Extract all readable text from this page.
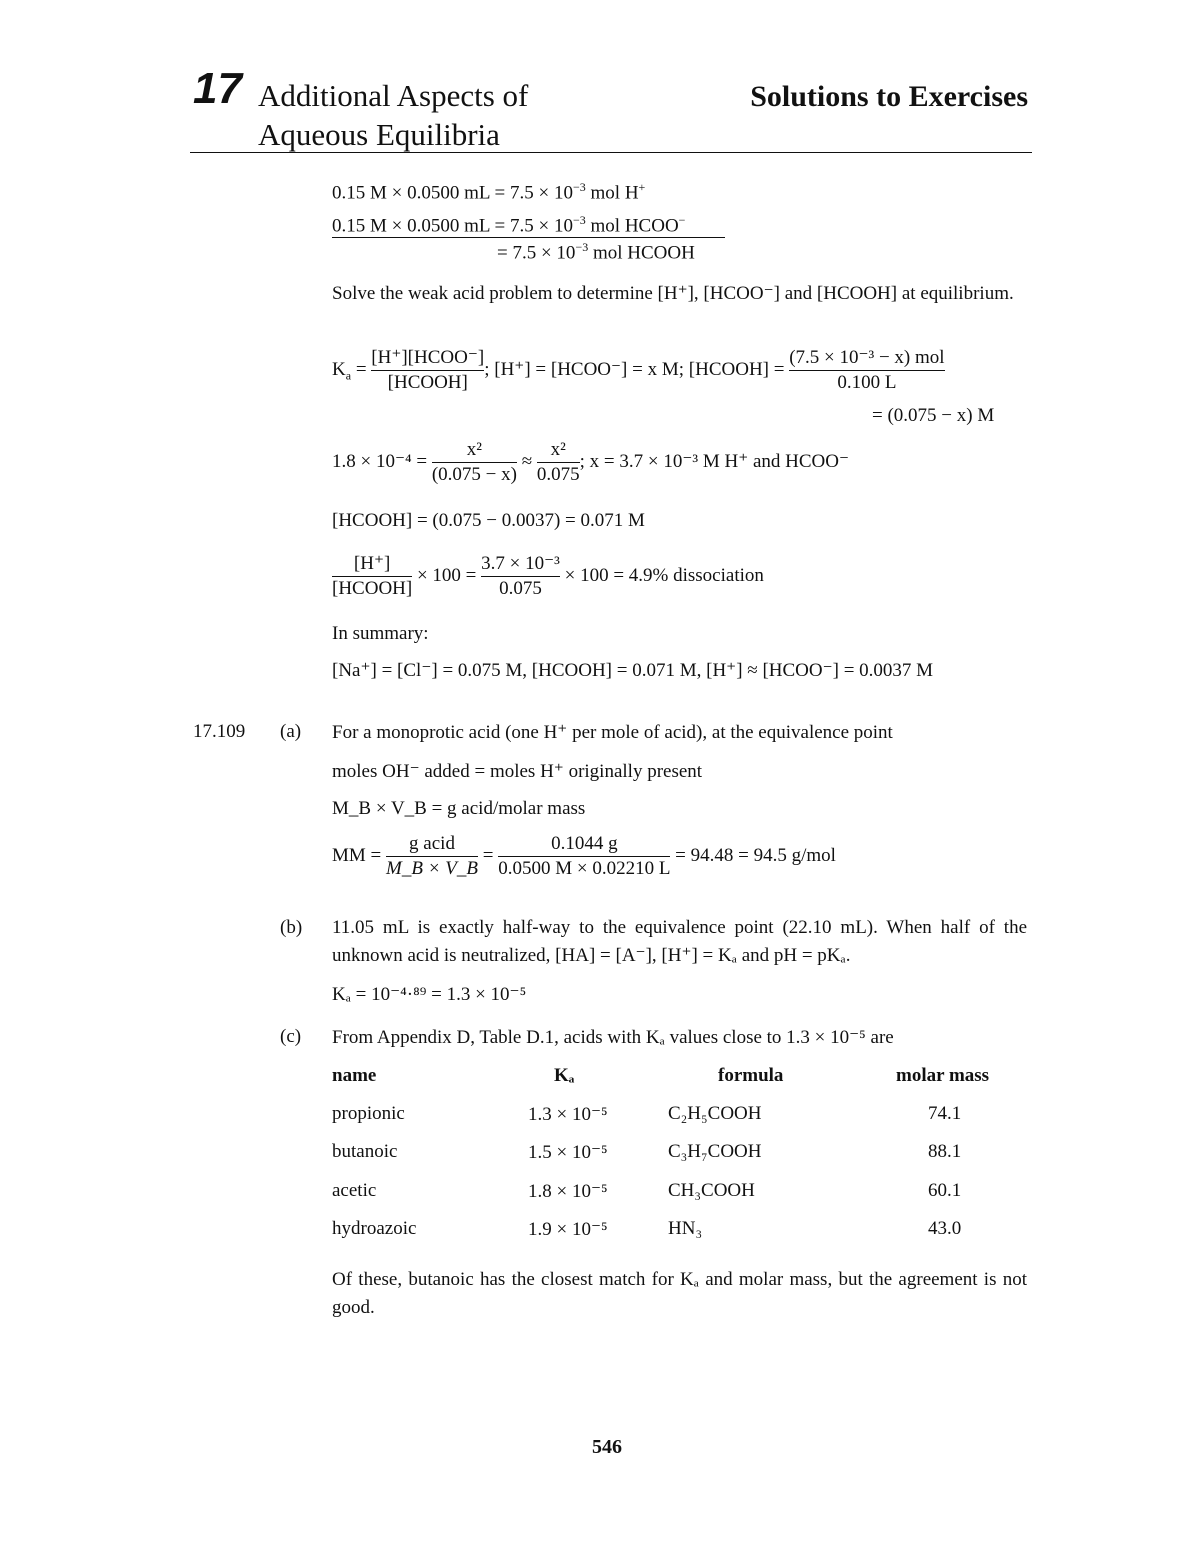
17 Additional Aspects of
Aqueous Equilibria
Solutions to Exercises
0.15 M × 0.0500 mL = $7.5 \times 10^{-3}$ mol H+
0.15 M × 0.0500 mL = $7.5 \times 10^{-3}$ mol HCOO−
= $7.5 \times 10^{-3}$ mol HCOOH
Solve the weak acid problem to determine [H⁺], [HCOO⁻] and [HCOOH] at equilibrium.
$K_a = \frac{\text{[H⁺][HCOO⁻]}}{\text{[HCOOH]}}$ ; [H⁺] = [HCOO⁻] = x M; [HCOOH] = $\frac{\text{(7.5 × 10⁻³ − x) mol}}{0.100 L}$
= (0.075 − x) M
$1.8 \times 10^{-4} = \frac{\text{x²}}{(0.075 - x)} \approx \frac{\text{x²}}{0.075}$ ; x = 3.7 × 10⁻³ M H⁺ and HCOO⁻
[HCOOH] = (0.075 − 0.0037) = 0.071 M
$\frac{[H^+]}{\text{[HCOOH]}} \times 100 = \frac{\text{3.7 × 10⁻³}}{0.075} \times 100 = 4.9\%$ dissociation
In summary:
[Na⁺] = [Cl⁻] = 0.075 M, [HCOOH] = 0.071 M, [H⁺] ≈ [HCOO⁻] = 0.0037 M
17.109 (a) For a monoprotic acid (one H⁺ per mole of acid), at the equivalence point
moles OH⁻ added = moles H⁺ originally present
M_B × V_B = g acid/molar mass
MM = $\frac{\text{g acid}}{M\_B \times V\_B} = \frac{0.1044 g}{0.0500 M \times 0.02210 L} = 94.48 = 94.5$ g/mol
(b) 11.05 mL is exactly half-way to the equivalence point (22.10 mL). When half of the unknown acid is neutralized, [HA] = [A⁻], [H⁺] = Kₐ and pH = pKₐ.
Kₐ = 10⁻⁴·⁸⁹ = 1.3 × 10⁻⁵
(c) From Appendix D, Table D.1, acids with Kₐ values close to 1.3 × 10⁻⁵ are
name	Kₐ	formula	molar mass
propionic	1.3 × 10⁻⁵	C₂H₅COOH	74.1
butanoic	1.5 × 10⁻⁵	C₃H₇COOH	88.1
acetic	1.8 × 10⁻⁵	CH₃COOH	60.1
hydroazoic	1.9 × 10⁻⁵	HN₃	43.0
Of these, butanoic has the closest match for Kₐ and molar mass, but the agreement is not good.
546
